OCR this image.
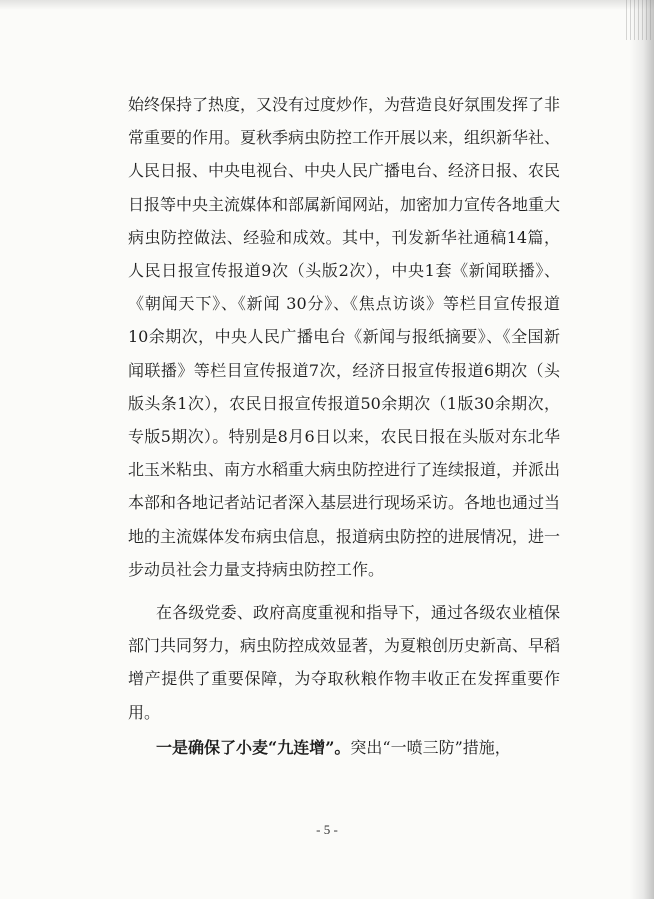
始终保持了热度，又没有过度炒作，为营造良好氛围发挥了非常重要的作用。夏秋季病虫防控工作开展以来，组织新华社、人民日报、中央电视台、中央人民广播电台、经济日报、农民日报等中央主流媒体和部属新闻网站，加密加力宣传各地重大病虫防控做法、经验和成效。其中，刊发新华社通稿14篇，人民日报宣传报道9次（头版2次），中央1套《新闻联播》、《朝闻天下》、《新闻 30分》、《焦点访谈》等栏目宣传报道 10余期次，中央人民广播电台《新闻与报纸摘要》、《全国新闻联播》等栏目宣传报道7次，经济日报宣传报道6期次（头版头条1次），农民日报宣传报道50余期次（1版30余期次，专版5期次）。特别是8月6日以来，农民日报在头版对东北华北玉米粘虫、南方水稻重大病虫防控进行了连续报道，并派出本部和各地记者站记者深入基层进行现场采访。各地也通过当地的主流媒体发布病虫信息，报道病虫防控的进展情况，进一步动员社会力量支持病虫防控工作。

在各级党委、政府高度重视和指导下，通过各级农业植保部门共同努力，病虫防控成效显著，为夏粮创历史新高、早稻增产提供了重要保障，为夺取秋粮作物丰收正在发挥重要作用。

一是确保了小麦“九连增”。突出“一喷三防”措施，

- 5 -
